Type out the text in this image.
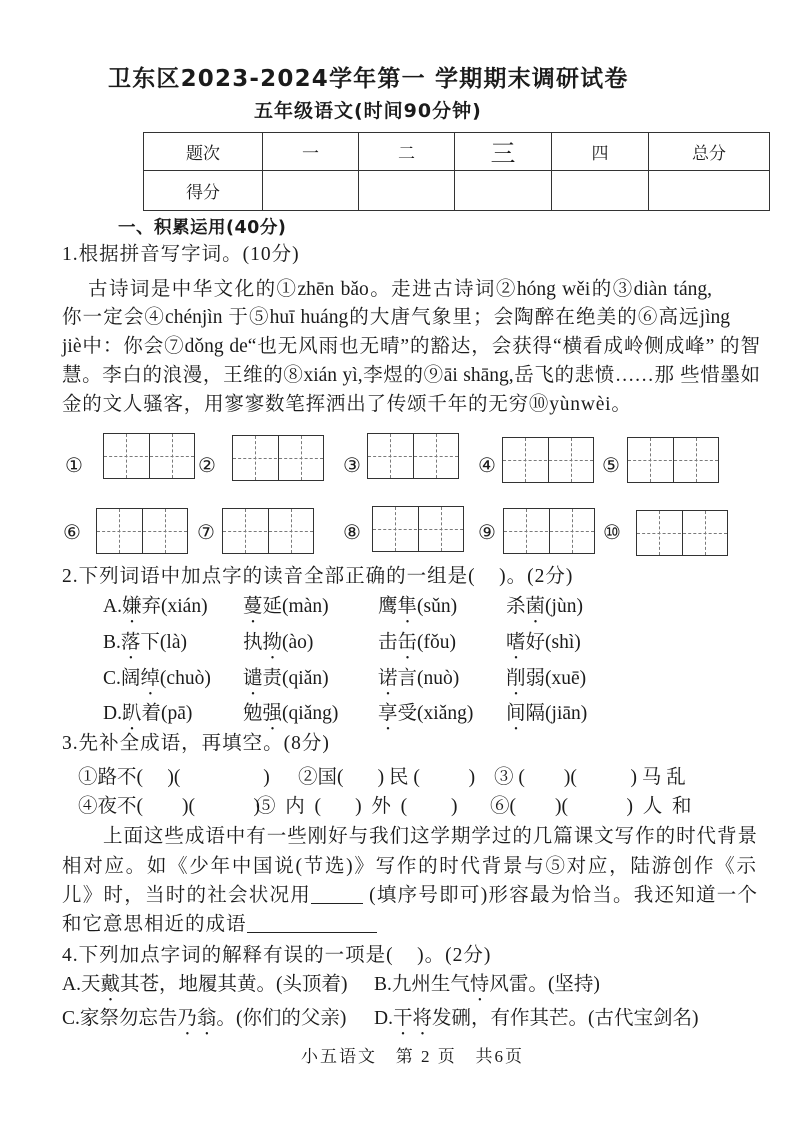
卫东区2023-2024学年第一 学期期末调研试卷
五年级语文(时间90分钟)
题次	一	二	三	四	总分
得分					
一、积累运用(40分)
1.根据拼音写字词。(10分)
古诗词是中华文化的①zhēn bǎo。走进古诗词②hóng wěi的③diàn táng,
你一定会④chénjìn 于⑤huī huáng的大唐气象里；会陶醉在绝美的⑥高远jìng
jiè中：你会⑦dǒng de“也无风雨也无晴”的豁达，会获得“横看成岭侧成峰” 的智
慧。李白的浪漫，王维的⑧xián yì,李煜的⑨āi shāng,岳飞的悲愤……那 些惜墨如
金的文人骚客，用寥寥数笔挥洒出了传颂千年的无穷⑩yùnwèi。
①	②	③	④	⑤
⑥	⑦	⑧	⑨	⑩
2.下列词语中加点字的读音全部正确的一组是(    )。(2分)
A.嫌弃(xián) 蔓延(màn)	鹰隼(sǔn)	杀菌(jùn)
B.落下(là)	执拗(ào)	击缶(fǒu)	嗜好(shì)
C.阔绰(chuò) 谴责(qiǎn)	诺言(nuò) 削弱(xuē)
D.趴着(pā)	勉强(qiǎng) 享受(xiǎng) 间隔(jiān)
3.先补全成语，再填空。(8分)
①路不(     )(                 ) ②国(       ) 民 (          ) ③ (        )(           ) 马 乱
④夜不(        )(            )
⑤  内  (       )  外  (         ) ⑥(        )(            )  人  和
上面这些成语中有一些刚好与我们这学期学过的几篇课文写作的时代背景
相对应。如《少年中国说(节选)》写作的时代背景与⑤对应，陆游创作《示
儿》时，当时的社会状况用	(填序号即可)形容最为恰当。我还知道一个
和它意思相近的成语
4.下列加点字词的解释有误的一项是(    )。(2分)
A.天戴其苍，地履其黄。(头顶着) B.九州生气恃风雷。(坚持)
C.家祭勿忘告乃翁。(你们的父亲) D.干将发硎，有作其芒。(古代宝剑名)
小五语文   第 2 页   共6页
